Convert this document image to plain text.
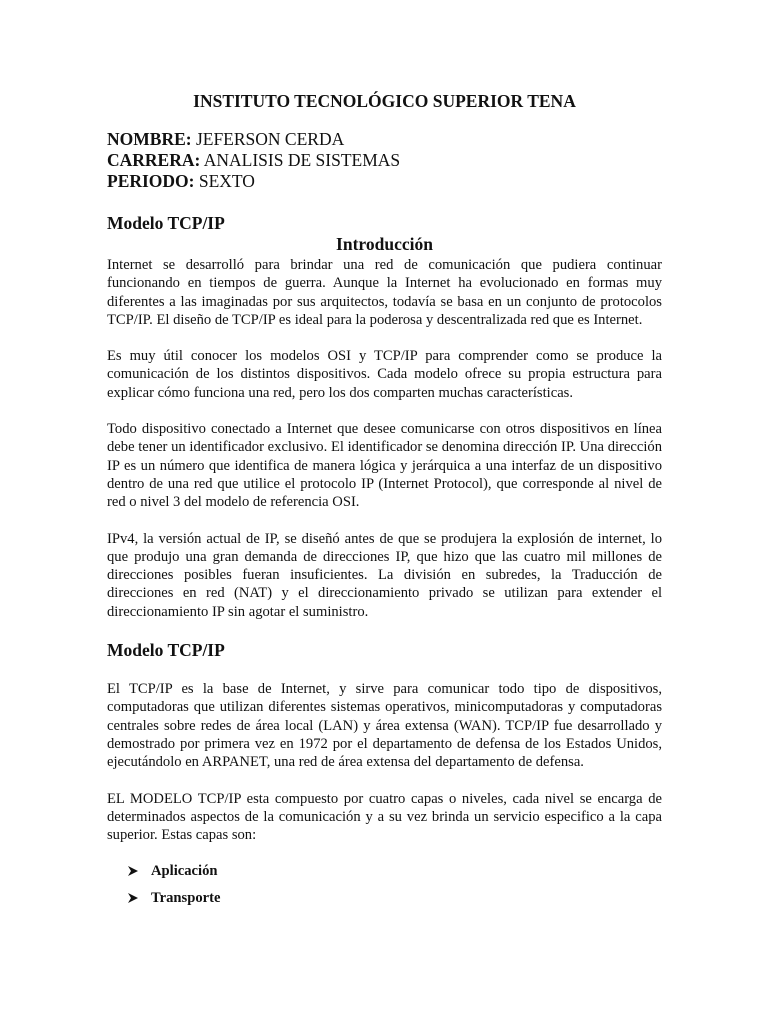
INSTITUTO TECNOLÓGICO SUPERIOR TENA
NOMBRE: JEFERSON CERDA
CARRERA: ANALISIS DE SISTEMAS
PERIODO: SEXTO
Modelo TCP/IP
Introducción

Internet se desarrolló para brindar una red de comunicación que pudiera continuar funcionando en tiempos de guerra. Aunque la Internet ha evolucionado en formas muy diferentes a las imaginadas por sus arquitectos, todavía se basa en un conjunto de protocolos TCP/IP. El diseño de TCP/IP es ideal para la poderosa y descentralizada red que es Internet.

Es muy útil conocer los modelos OSI y TCP/IP para comprender como se produce la comunicación de los distintos dispositivos. Cada modelo ofrece su propia estructura para explicar cómo funciona una red, pero los dos comparten muchas características.

Todo dispositivo conectado a Internet que desee comunicarse con otros dispositivos en línea debe tener un identificador exclusivo. El identificador se denomina dirección IP. Una dirección IP es un número que identifica de manera lógica y jerárquica a una interfaz de un dispositivo dentro de una red que utilice el protocolo IP (Internet Protocol), que corresponde al nivel de red o nivel 3 del modelo de referencia OSI.

IPv4, la versión actual de IP, se diseñó antes de que se produjera la explosión de internet, lo que produjo una gran demanda de direcciones IP, que hizo que las cuatro mil millones de direcciones posibles fueran insuficientes. La división en subredes, la Traducción de direcciones en red (NAT) y el direccionamiento privado se utilizan para extender el direccionamiento IP sin agotar el suministro.

Modelo TCP/IP

El TCP/IP es la base de Internet, y sirve para comunicar todo tipo de dispositivos, computadoras que utilizan diferentes sistemas operativos, minicomputadoras y computadoras centrales sobre redes de área local (LAN) y área extensa (WAN). TCP/IP fue desarrollado y demostrado por primera vez en 1972 por el departamento de defensa de los Estados Unidos, ejecutándolo en ARPANET, una red de área extensa del departamento de defensa.

EL MODELO TCP/IP esta compuesto por cuatro capas o niveles, cada nivel se encarga de determinados aspectos de la comunicación y a su vez brinda un servicio especifico a la capa superior. Estas capas son:

Aplicación
Transporte
